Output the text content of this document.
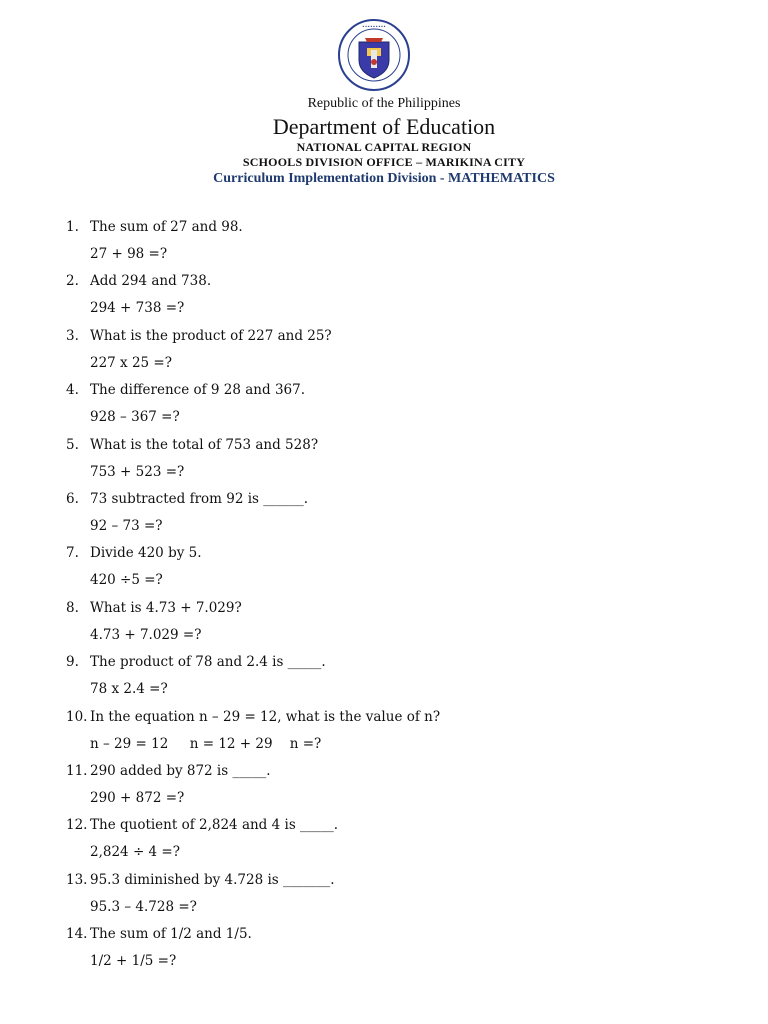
•••••••••
Republic of the Philippines
Department of Education
NATIONAL CAPITAL REGION
SCHOOLS DIVISION OFFICE – MARIKINA CITY
Curriculum Implementation Division - MATHEMATICS
1. The sum of 27 and 98.
27 + 98 =?
2. Add 294 and 738.
294 + 738 =?
3. What is the product of 227 and 25?
227 x 25 =?
4. The difference of 9 28 and 367.
928 – 367 =?
5. What is the total of 753 and 528?
753 + 523 =?
6. 73 subtracted from 92 is ______.
92 – 73 =?
7. Divide 420 by 5.
420 ÷5 =?
8. What is 4.73 + 7.029?
4.73 + 7.029 =?
9. The product of 78 and 2.4 is _____.
78 x 2.4 =?
10. In the equation n – 29 = 12, what is the value of n?
n – 29 = 12     n = 12 + 29    n =?
11. 290 added by 872 is _____.
290 + 872 =?
12. The quotient of 2,824 and 4 is _____.
2,824 ÷ 4 =?
13. 95.3 diminished by 4.728 is _______.
95.3 – 4.728 =?
14. The sum of 1/2 and 1/5.
1/2 + 1/5 =?
